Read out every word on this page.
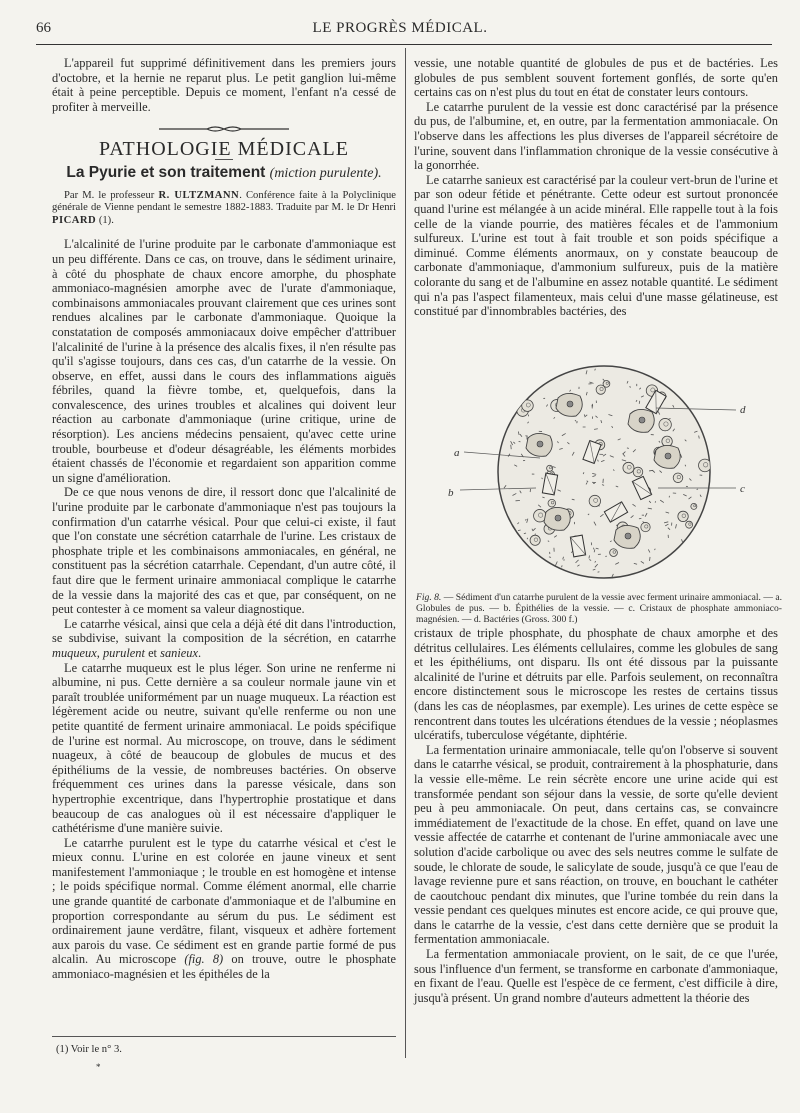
66	LE PROGRÈS MÉDICAL.

L'appareil fut supprimé définitivement dans les premiers jours d'octobre, et la hernie ne reparut plus. Le petit ganglion lui-même était à peine perceptible. Depuis ce moment, l'enfant n'a cessé de profiter à merveille.

PATHOLOGIE MÉDICALE
La Pyurie et son traitement (miction purulente).

Par M. le professeur R. ULTZMANN. Conférence faite à la Polyclinique générale de Vienne pendant le semestre 1882-1883. Traduite par M. le Dr Henri PICARD (1).

L'alcalinité de l'urine produite par le carbonate d'ammoniaque est un peu différente. Dans ce cas, on trouve, dans le sédiment urinaire, à côté du phosphate de chaux encore amorphe, du phosphate ammoniaco-magnésien amorphe avec de l'urate d'ammoniaque, combinaisons ammoniacales prouvant clairement que ces urines sont rendues alcalines par le carbonate d'ammoniaque. Quoique la constatation de composés ammoniacaux doive empêcher d'attribuer l'alcalinité de l'urine à la présence des alcalis fixes, il n'en résulte pas qu'il s'agisse toujours, dans ces cas, d'un catarrhe de la vessie. On observe, en effet, aussi dans le cours des inflammations aiguës fébriles, quand la fièvre tombe, et, quelquefois, dans la convalescence, des urines troubles et alcalines qui doivent leur réaction au carbonate d'ammoniaque (urine critique, urine de résorption). Les anciens médecins pensaient, qu'avec cette urine trouble, bourbeuse et d'odeur désagréable, les éléments morbides étaient chassés de l'économie et regardaient son apparition comme un signe d'amélioration.

De ce que nous venons de dire, il ressort donc que l'alcalinité de l'urine produite par le carbonate d'ammoniaque n'est pas toujours la confirmation d'un catarrhe vésical. Pour que celui-ci existe, il faut que l'on constate une sécrétion catarrhale de l'urine. Les cristaux de phosphate triple et les combinaisons ammoniacales, en général, ne constituent pas la sécrétion catarrhale. Cependant, d'un autre côté, il faut dire que le ferment urinaire ammoniacal complique le catarrhe de la vessie dans la majorité des cas et que, par conséquent, on ne peut contester à ce moment sa valeur diagnostique.

Le catarrhe vésical, ainsi que cela a déjà été dit dans l'introduction, se subdivise, suivant la composition de la sécrétion, en catarrhe muqueux, purulent et sanieux.

Le catarrhe muqueux est le plus léger. Son urine ne renferme ni albumine, ni pus. Cette dernière a sa couleur normale jaune vin et paraît troublée uniformément par un nuage muqueux. La réaction est légèrement acide ou neutre, suivant qu'elle renferme ou non une petite quantité de ferment urinaire ammoniacal. Le poids spécifique de l'urine est normal. Au microscope, on trouve, dans le sédiment nuageux, à côté de beaucoup de globules de mucus et des épithéliums de la vessie, de nombreuses bactéries. On observe fréquemment ces urines dans la paresse vésicale, dans son hypertrophie excentrique, dans l'hypertrophie prostatique et dans beaucoup de cas analogues où il est nécessaire d'appliquer le cathétérisme d'une manière suivie.

Le catarrhe purulent est le type du catarrhe vésical et c'est le mieux connu. L'urine en est colorée en jaune vineux et sent manifestement l'ammoniaque ; le trouble en est homogène et intense ; le poids spécifique normal. Comme élément anormal, elle charrie une grande quantité de carbonate d'ammoniaque et de l'albumine en proportion correspondante au sérum du pus. Le sédiment est ordinairement jaune verdâtre, filant, visqueux et adhère fortement aux parois du vase. Ce sédiment est en grande partie formé de pus alcalin. Au microscope (fig. 8) on trouve, outre le phosphate ammoniaco-magnésien et les épithéles de la

(1) Voir le n° 3.
*

vessie, une notable quantité de globules de pus et de bactéries. Les globules de pus semblent souvent fortement gonflés, de sorte qu'en certains cas on n'est plus du tout en état de constater leurs contours.

Le catarrhe purulent de la vessie est donc caractérisé par la présence du pus, de l'albumine, et, en outre, par la fermentation ammoniacale. On l'observe dans les affections les plus diverses de l'appareil sécrétoire de l'urine, souvent dans l'inflammation chronique de la vessie consécutive à la gonorrhée.

Le catarrhe sanieux est caractérisé par la couleur vert-brun de l'urine et par son odeur fétide et pénétrante. Cette odeur est surtout prononcée quand l'urine est mélangée à un acide minéral. Elle rappelle tout à la fois celle de la viande pourrie, des matières fécales et de l'ammonium sulfureux. L'urine est tout à fait trouble et son poids spécifique a diminué. Comme éléments anormaux, on y constate beaucoup de carbonate d'ammoniaque, d'ammonium sulfureux, puis de la matière colorante du sang et de l'albumine en assez notable quantité. Le sédiment qui n'a pas l'aspect filamenteux, mais celui d'une masse gélatineuse, est constitué par d'innombrables bactéries, des

a
b	c
d
Fig. 8. — Sédiment d'un catarrhe purulent de la vessie avec ferment urinaire ammoniacal. — a. Globules de pus. — b. Épithélies de la vessie. — c. Cristaux de phosphate ammoniaco-magnésien. — d. Bactéries (Gross. 300 f.)

cristaux de triple phosphate, du phosphate de chaux amorphe et des détritus cellulaires. Les éléments cellulaires, comme les globules de sang et les épithéliums, ont disparu. Ils ont été dissous par la puissante alcalinité de l'urine et détruits par elle. Parfois seulement, on reconnaîtra encore distinctement sous le microscope les restes de certains tissus (dans les cas de néoplasmes, par exemple). Les urines de cette espèce se rencontrent dans toutes les ulcérations étendues de la vessie ; néoplasmes ulcératifs, tuberculose végétante, diphtérie.

La fermentation urinaire ammoniacale, telle qu'on l'observe si souvent dans le catarrhe vésical, se produit, contrairement à la phosphaturie, dans la vessie elle-même. Le rein sécrète encore une urine acide qui est transformée pendant son séjour dans la vessie, de sorte qu'elle devient peu à peu ammoniacale. On peut, dans certains cas, se convaincre immédiatement de l'exactitude de la chose. En effet, quand on lave une vessie affectée de catarrhe et contenant de l'urine ammoniacale avec une solution d'acide carbolique ou avec des sels neutres comme le sulfate de soude, le chlorate de soude, le salicylate de soude, jusqu'à ce que l'eau de lavage revienne pure et sans réaction, on trouve, en bouchant le cathéter de caoutchouc pendant dix minutes, que l'urine tombée du rein dans la vessie pendant ces quelques minutes est encore acide, ce qui prouve que, dans le catarrhe de la vessie, c'est dans cette dernière que se produit la fermentation ammoniacale.

La fermentation ammoniacale provient, on le sait, de ce que l'urée, sous l'influence d'un ferment, se transforme en carbonate d'ammoniaque, en fixant de l'eau. Quelle est l'espèce de ce ferment, c'est difficile à dire, jusqu'à présent. Un grand nombre d'auteurs admettent la théorie des
